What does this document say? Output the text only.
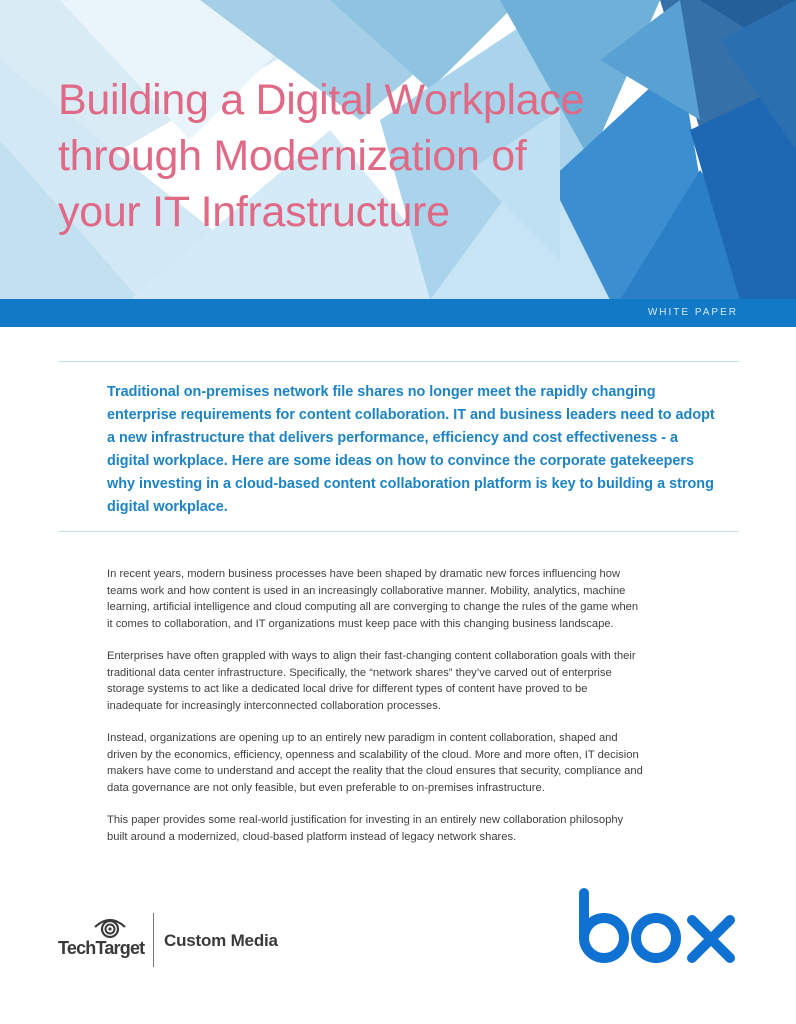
Building a Digital Workplace
through Modernization of
your IT Infrastructure
WHITE PAPER

Traditional on-premises network file shares no longer meet the rapidly changing
enterprise requirements for content collaboration. IT and business leaders need to adopt
a new infrastructure that delivers performance, efficiency and cost effectiveness - a
digital workplace. Here are some ideas on how to convince the corporate gatekeepers
why investing in a cloud-based content collaboration platform is key to building a strong
digital workplace.

In recent years, modern business processes have been shaped by dramatic new forces influencing how
teams work and how content is used in an increasingly collaborative manner. Mobility, analytics, machine
learning, artificial intelligence and cloud computing all are converging to change the rules of the game when
it comes to collaboration, and IT organizations must keep pace with this changing business landscape.

Enterprises have often grappled with ways to align their fast-changing content collaboration goals with their
traditional data center infrastructure. Specifically, the “network shares” they’ve carved out of enterprise
storage systems to act like a dedicated local drive for different types of content have proved to be
inadequate for increasingly interconnected collaboration processes.

Instead, organizations are opening up to an entirely new paradigm in content collaboration, shaped and
driven by the economics, efficiency, openness and scalability of the cloud. More and more often, IT decision
makers have come to understand and accept the reality that the cloud ensures that security, compliance and
data governance are not only feasible, but even preferable to on-premises infrastructure.

This paper provides some real-world justification for investing in an entirely new collaboration philosophy
built around a modernized, cloud-based platform instead of legacy network shares.

TechTarget Custom Media
